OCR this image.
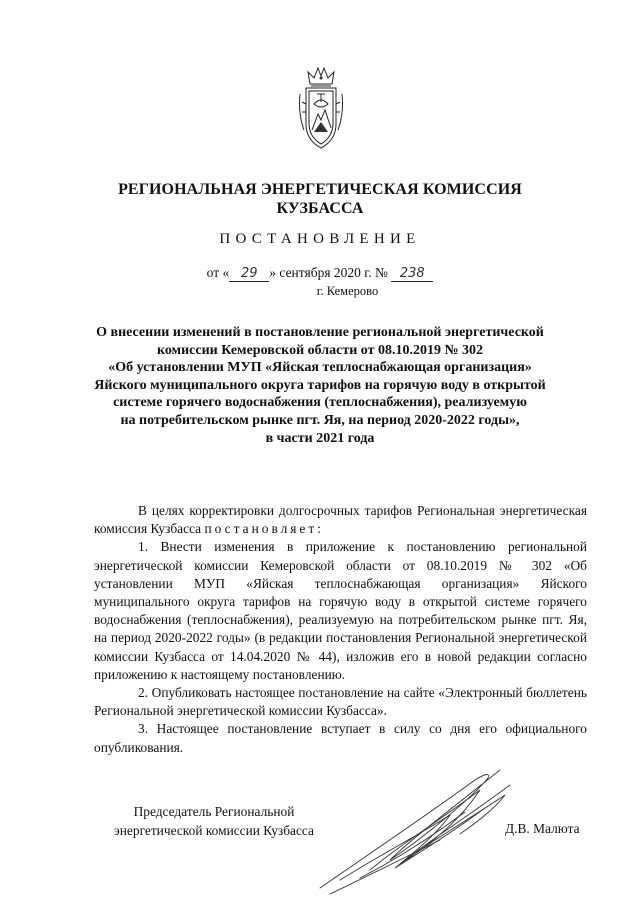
РЕГИОНАЛЬНАЯ ЭНЕРГЕТИЧЕСКАЯ КОМИССИЯ
КУЗБАССА
ПОСТАНОВЛЕНИЕ
от « 29 » сентября 2020 г. № 238
г. Кемерово
О внесении изменений в постановление региональной энергетической
комиссии Кемеровской области от 08.10.2019 № 302
«Об установлении МУП «Яйская теплоснабжающая организация»
Яйского муниципального округа тарифов на горячую воду в открытой
системе горячего водоснабжения (теплоснабжения), реализуемую
на потребительском рынке пгт. Яя, на период 2020-2022 годы»,
в части 2021 года

В целях корректировки долгосрочных тарифов Региональная энергетическая комиссия Кузбасса постановляет:

1. Внести изменения в приложение к постановлению региональной энергетической комиссии Кемеровской области от 08.10.2019 № 302 «Об установлении МУП «Яйская теплоснабжающая организация» Яйского муниципального округа тарифов на горячую воду в открытой системе горячего водоснабжения (теплоснабжения), реализуемую на потребительском рынке пгт. Яя, на период 2020-2022 годы» (в редакции постановления Региональной энергетической комиссии Кузбасса от 14.04.2020 № 44), изложив его в новой редакции согласно приложению к настоящему постановлению.

2. Опубликовать настоящее постановление на сайте «Электронный бюллетень Региональной энергетической комиссии Кузбасса».

3. Настоящее постановление вступает в силу со дня его официального опубликования.

Председатель Региональной
энергетической комиссии Кузбасса	Д.В. Малюта
